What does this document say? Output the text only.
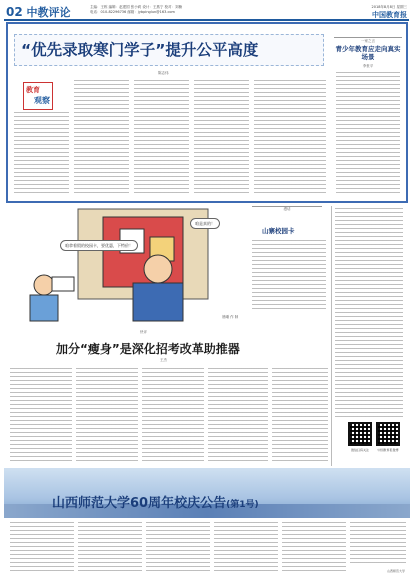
02 中教评论	主编：王栋 编辑：赵建国 张小莉 设计：王燕宁 校对：刘楠
电话：010-82296736 邮箱：jybpinglun@163.com
2018年8月8日 星期三
中国教育报
“优先录取寒门学子”提升公平高度
陈志伟
教育
观察
一家之言
青少年教育应走向真实场景
李世平
咱拿着假的校园卡，要优惠，下特价！
咱是真的！
漫话
山寨校园卡
晨曦 作 制
快评
加分“瘦身”是深化招考改革助推器
王杰
微信扫码关注	中国教育报微博
山西师范大学60周年校庆公告(第1号)
山西师范大学
